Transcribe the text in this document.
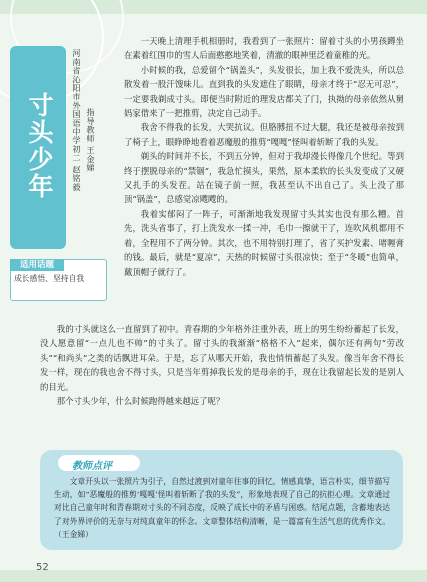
寸头少年	河南省沁阳市外国语中学初二 赵铭毅
指导教师 王金娣
适用话题
成长感悟、坚持自我

一天晚上清理手机相册时，我看到了一张照片：留着寸头的小男孩蹲坐在素着红围巾的雪人后面憨憨地笑着，清澈的眼神里泛着童稚的光。

小时候的我，总爱留个“锅盖头”，头发很长，加上我不爱洗头，所以总散发着一股汗馊味儿。直到我的头发遮住了眼睛，母亲才终于“忍无可忍”，一定要我剃成寸头。即便当时附近的理发店都关了门，执拗的母亲依然从舅妈家借来了一把推剪，决定自己动手。

我舍不得我的长发，大哭抗议。但胳膊扭不过大腿，我还是被母亲按到了椅子上，眼睁睁地看着恶魔般的推剪“嘎嘎”怪叫着斩断了我的头发。

剃头的时间并不长，不到五分钟，但对于我却漫长得像几个世纪。等到终于摆脱母亲的“禁锢”，我急忙摸头，果然，原本柔软的长头发变成了又硬又扎手的头发茬。站在镜子前一照，我甚至认不出自己了。头上没了那顶“锅盖”，总感觉凉飕飕的。

我着实郁闷了一阵子，可渐渐地我发现留寸头其实也没有那么糟。首先，洗头省事了，打上洗发水一揉一冲，毛巾一擦就干了，连吹风机都用不着，全程用不了两分钟。其次，也不用特别打理了，省了买护发素、啫喱膏的钱。最后，就是“夏凉”，天热的时候留寸头很凉快；至于“冬暖”也简单，戴顶帽子就行了。

我的寸头就这么一直留到了初中。青春期的少年格外注重外表，班上的男生纷纷蓄起了长发，没人愿意留“一点儿也不帅”的寸头了。留寸头的我渐渐“格格不入”起来，偶尔还有两句“劳改头”“和尚头”之类的话飘进耳朵。于是，忘了从哪天开始，我也悄悄蓄起了头发。像当年舍不得长发一样，现在的我也舍不得寸头，只是当年剪掉我长发的是母亲的手，现在让我留起长发的是别人的目光。

那个寸头少年，什么时候跑得越来越远了呢？

教师点评

文章开头以一张照片为引子，自然过渡到对童年往事的回忆，情感真挚，语言朴实，细节描写生动，如“恶魔般的推剪‘嘎嘎’怪叫着斩断了我的头发”，形象地表现了自己的抗拒心理。文章通过对比自己童年时和青春期对寸头的不同态度，反映了成长中的矛盾与困惑。结尾点题，含蓄地表达了对外界评价的无奈与对纯真童年的怀念。文章整体结构清晰，是一篇富有生活气息的优秀作文。（王金娣）

52
